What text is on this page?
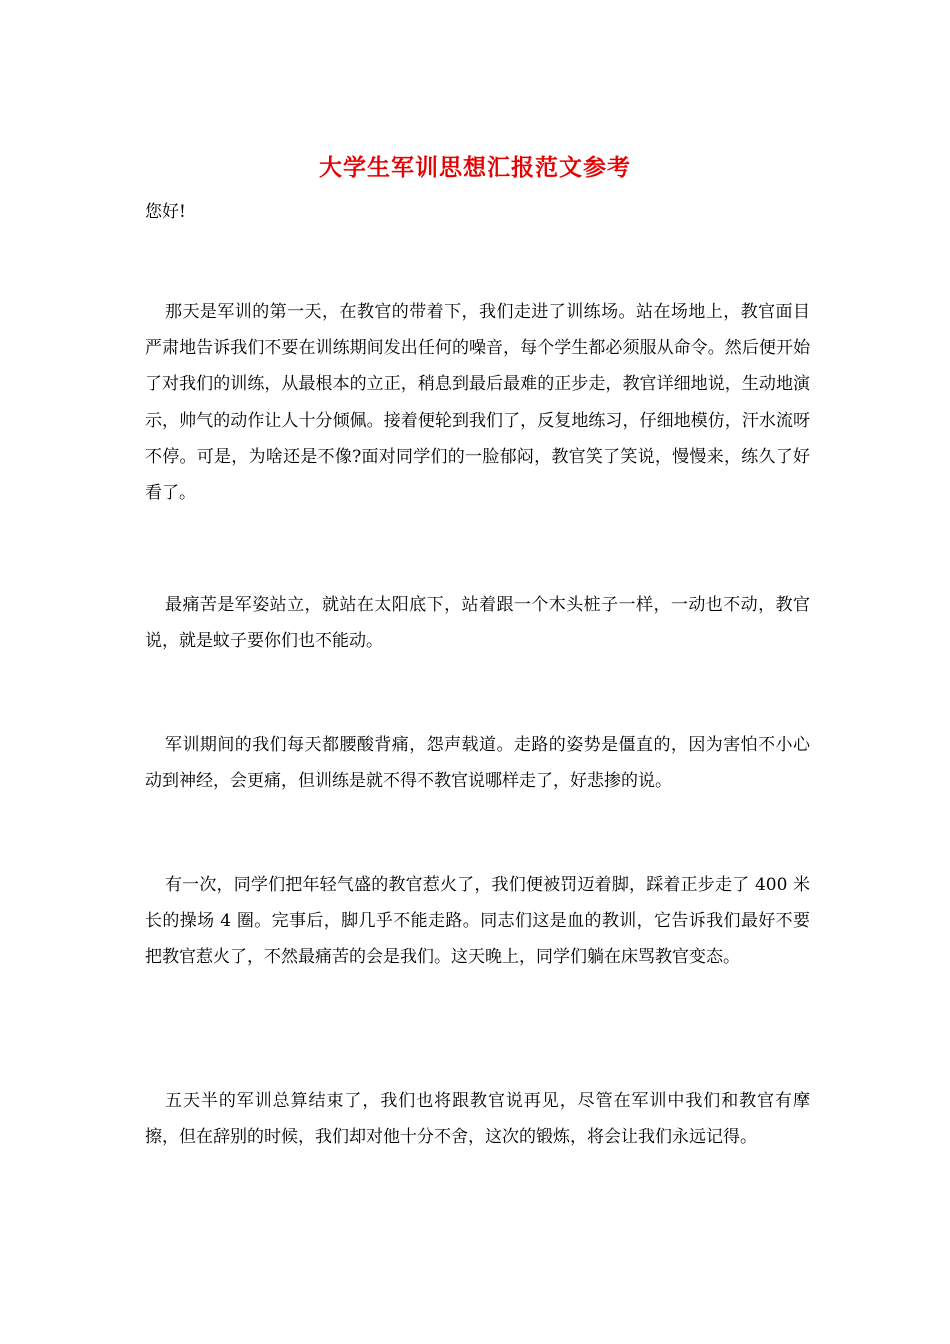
大学生军训思想汇报范文参考
您好!

那天是军训的第一天，在教官的带着下，我们走进了训练场。站在场地上，教官面目严肃地告诉我们不要在训练期间发出任何的噪音，每个学生都必须服从命令。然后便开始了对我们的训练，从最根本的立正，稍息到最后最难的正步走，教官详细地说，生动地演示，帅气的动作让人十分倾佩。接着便轮到我们了，反复地练习，仔细地模仿，汗水流呀不停。可是，为啥还是不像?面对同学们的一脸郁闷，教官笑了笑说，慢慢来，练久了好看了。

最痛苦是军姿站立，就站在太阳底下，站着跟一个木头桩子一样，一动也不动，教官说，就是蚊子要你们也不能动。

军训期间的我们每天都腰酸背痛，怨声载道。走路的姿势是僵直的，因为害怕不小心动到神经，会更痛，但训练是就不得不教官说哪样走了，好悲掺的说。

有一次，同学们把年轻气盛的教官惹火了，我们便被罚迈着脚，踩着正步走了 400 米长的操场 4 圈。完事后，脚几乎不能走路。同志们这是血的教训，它告诉我们最好不要把教官惹火了，不然最痛苦的会是我们。这天晚上，同学们躺在床骂教官变态。

五天半的军训总算结束了，我们也将跟教官说再见，尽管在军训中我们和教官有摩擦，但在辞别的时候，我们却对他十分不舍，这次的锻炼，将会让我们永远记得。
